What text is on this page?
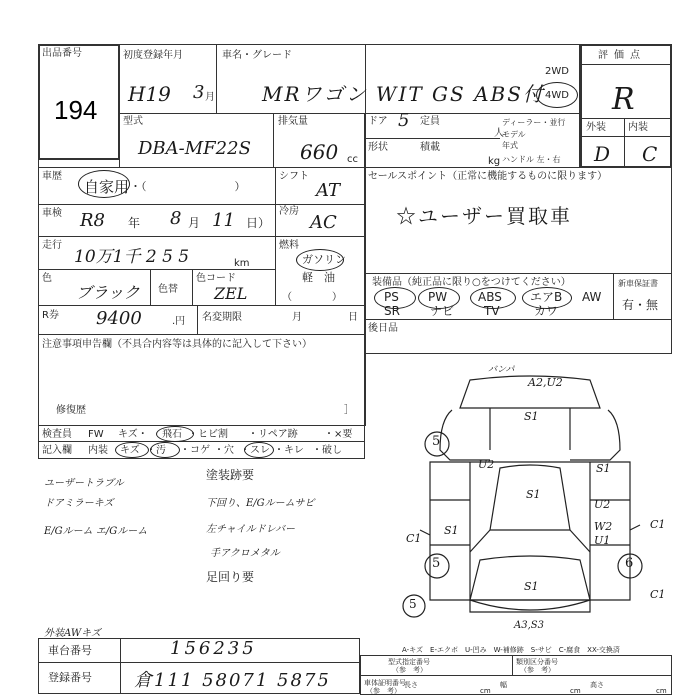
出品番号
194
初度登録年月
H19 3 月
車名・グレード
MRワゴン WIT GS ABS付
2WD
4WD
評価点
R
外装 内装
D C
型式
DBA-MF22S
排気量
660 cc
ドア 5 定員
人
形状	積載
kg
ディーラー・並行
モデル
年式
ハンドル 左・右
車歴
自家用 ・（　　　　　　　　）
シフト
AT
車検 R8 年 8 月 11 日）
冷房
AC
走行
10万1千 2 5 5	km
燃料
ガソリン
軽　油
（　　　　）
色
ブラック 色替
色コード
ZEL
セールスポイント（正常に機能するものに限ります）
☆ユーザー買取車
装備品（純正品に限り○をつけてください）
PS PW	ABS エアB AW
SR	ナビ TV	カワ
新車保証書
有・無
後日品
R券 9400	.円 名変期限	月	日
注意事項申告欄（不具合内容等は具体的に記入して下さい）
修復歴	］
検査員 FW キズ・ 飛石 ・ヒビ割 ・リペア跡	・×要
記入欄 内装 キズ ・汚 ・コゲ ・穴 ・スレ ・キレ ・破し
ユーザートラブル
ドアミラーキズ
E/Gルーム エ/Gルーム
塗装跡要
下回り、E/Gルームサビ
左チャイルドレバー
手アクロメタル
足回り要
外装AWキズ
車台番号	156235
登録番号 倉111 58071 5875
A-キズ　E-エクボ　U-凹み　W-補修跡　S-サビ　C-腐食　XX-交換済
型式指定番号
（参　考）
類別区分番号
（参　考）
車体証明番号
（参　考）
長さ
cm
幅
cm
高さ
cm
バンパ
A2,U2
S1
U2
S1
S1
U2
W2	C1
U1
C1
S1
A3,S3
S1
C1
5
5
5
6
